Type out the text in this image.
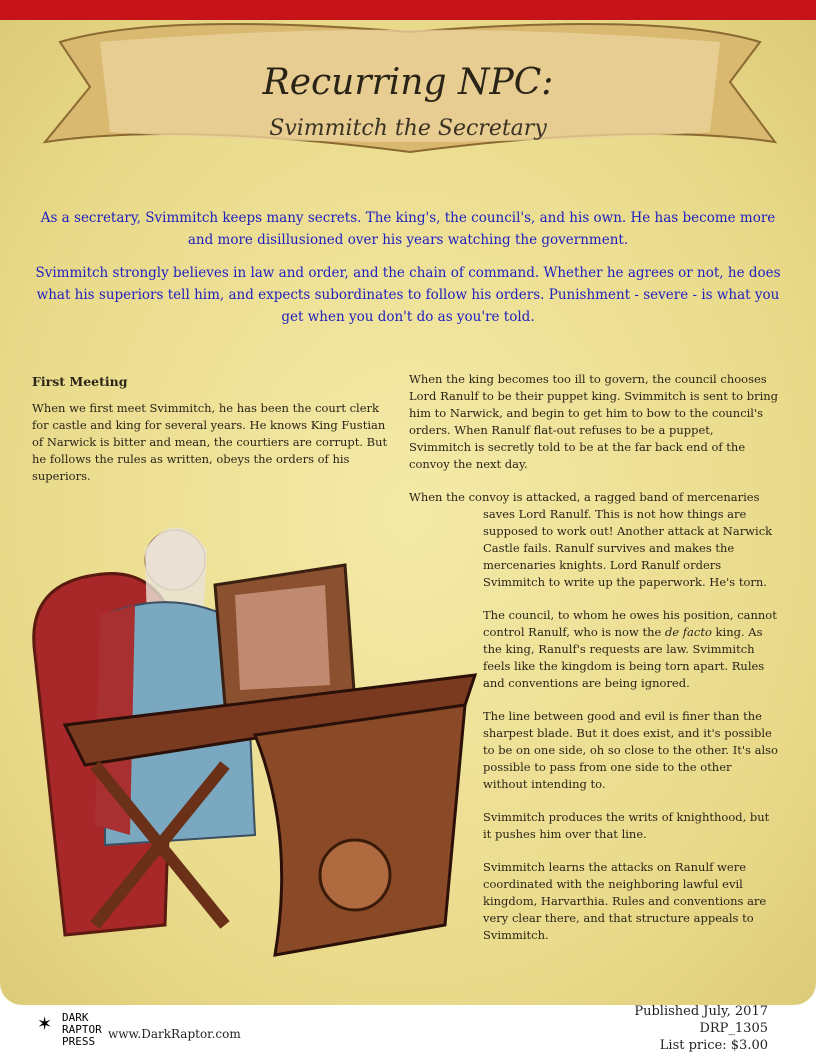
Recurring NPC:
Svimmitch the Secretary

As a secretary, Svimmitch keeps many secrets. The king's, the council's, and his own. He has become more and more disillusioned over his years watching the government.

Svimmitch strongly believes in law and order, and the chain of command. Whether he agrees or not, he does what his superiors tell him, and expects subordinates to follow his orders. Punishment - severe - is what you get when you don't do as you're told.

First Meeting

When we first meet Svimmitch, he has been the court clerk for castle and king for several years. He knows King Fustian of Narwick is bitter and mean, the courtiers are corrupt. But he follows the rules as written, obeys the orders of his superiors.

When the king becomes too ill to govern, the council chooses Lord Ranulf to be their puppet king. Svimmitch is sent to bring him to Narwick, and begin to get him to bow to the council's orders. When Ranulf flat-out refuses to be a puppet, Svimmitch is secretly told to be at the far back end of the convoy the next day.

When the convoy is attacked, a ragged band of mercenaries
saves Lord Ranulf. This is not how things are supposed to work out! Another attack at Narwick Castle fails. Ranulf survives and makes the mercenaries knights. Lord Ranulf orders Svimmitch to write up the paperwork. He's torn.

The council, to whom he owes his position, cannot control Ranulf, who is now the de facto king. As the king, Ranulf's requests are law. Svimmitch feels like the kingdom is being torn apart. Rules and conventions are being ignored.

The line between good and evil is finer than the sharpest blade. But it does exist, and it's possible to be on one side, oh so close to the other. It's also possible to pass from one side to the other without intending to.

Svimmitch produces the writs of knighthood, but it pushes him over that line.

Svimmitch learns the attacks on Ranulf were coordinated with the neighboring lawful evil kingdom, Harvarthia. Rules and conventions are very clear there, and that structure appeals to Svimmitch.

✶ DARK
RAPTOR
PRESS
www.DarkRaptor.com
Published July, 2017
DRP_1305
List price: $3.00
